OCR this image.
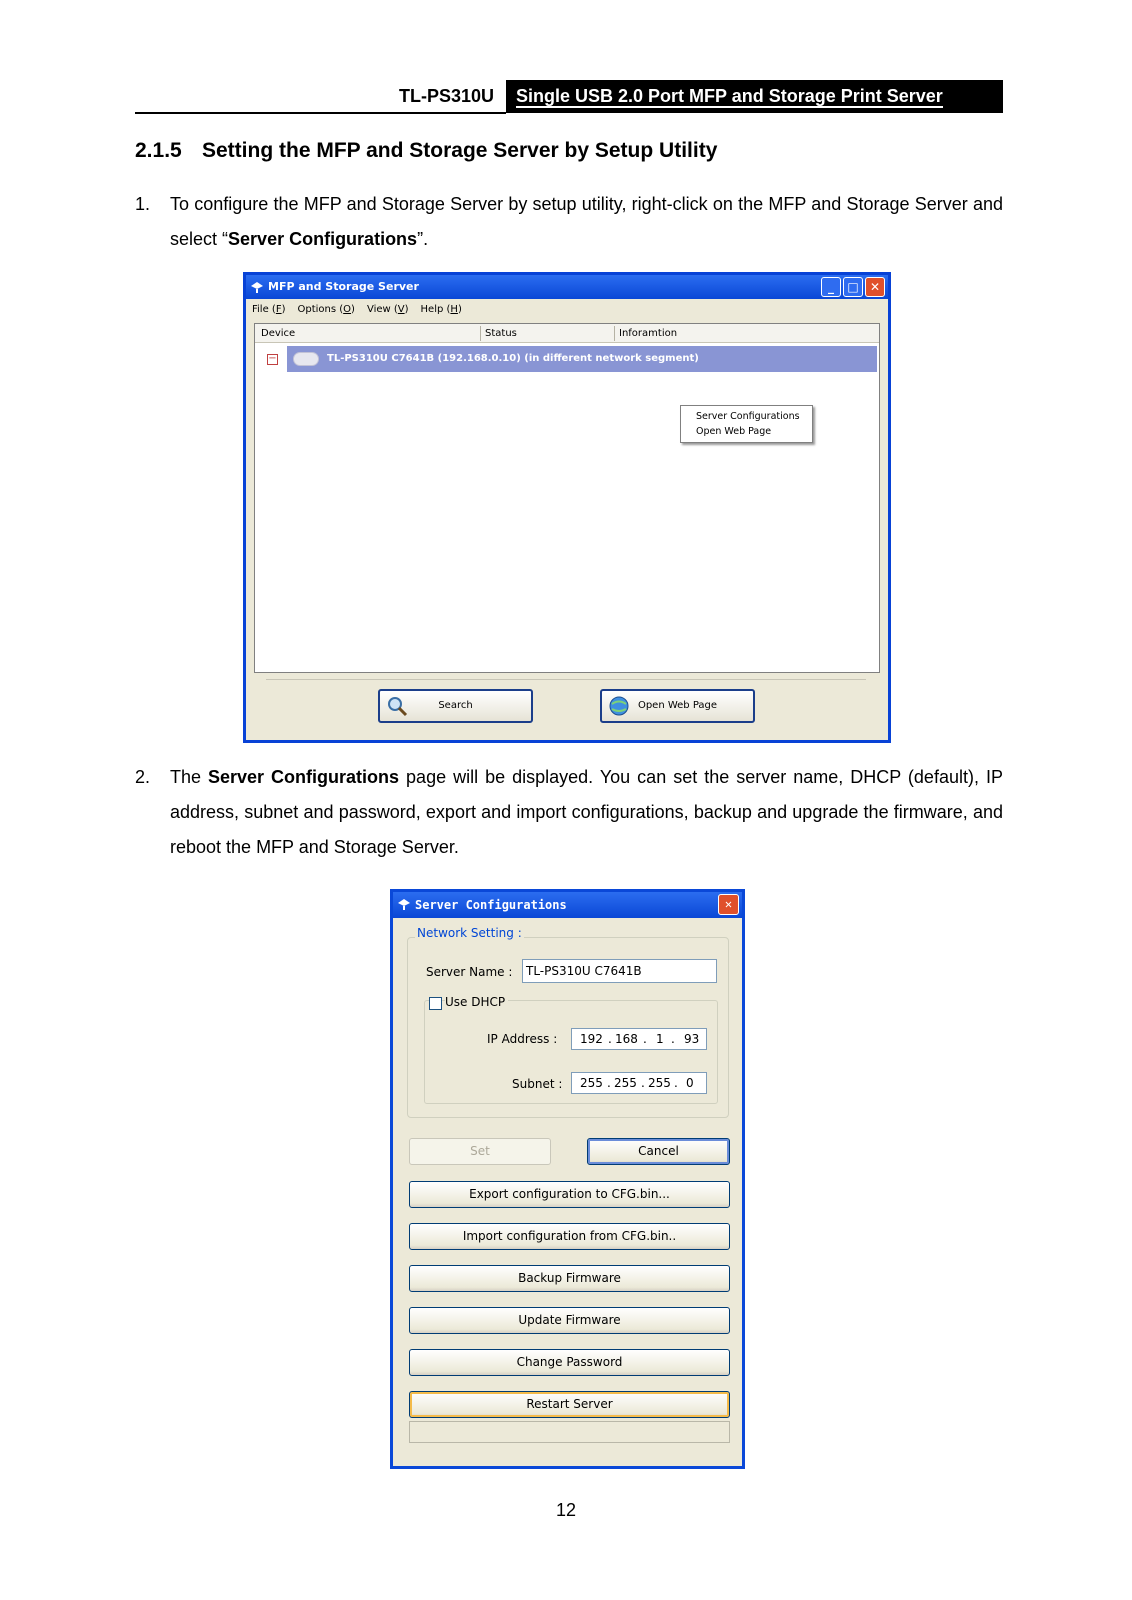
TL-PS310U	Single USB 2.0 Port MFP and Storage Print Server
2.1.5 Setting the MFP and Storage Server by Setup Utility
1. To configure the MFP and Storage Server by setup utility, right-click on the MFP and Storage Server and select “Server Configurations”.
MFP and Storage Server	_	□ ✕
File (F) Options (O) View (V) Help (H)
Device	Status	Inforamtion
−	TL-PS310U C7641B (192.168.0.10) (in different network segment)
Server Configurations
Open Web Page
Search	Open Web Page
2. The Server Configurations page will be displayed. You can set the server name, DHCP (default), IP address, subnet and password, export and import configurations, backup and upgrade the firmware, and reboot the MFP and Storage Server.
Server Configurations	✕
Network Setting :
Server Name :	TL-PS310U C7641B
Use DHCP
IP Address : 192 . 168 . 1 . 93
Subnet : 255 . 255 . 255 . 0
Set	Cancel
Export configuration to CFG.bin...
Import configuration from CFG.bin..
Backup Firmware
Update Firmware
Change Password
Restart Server
12
